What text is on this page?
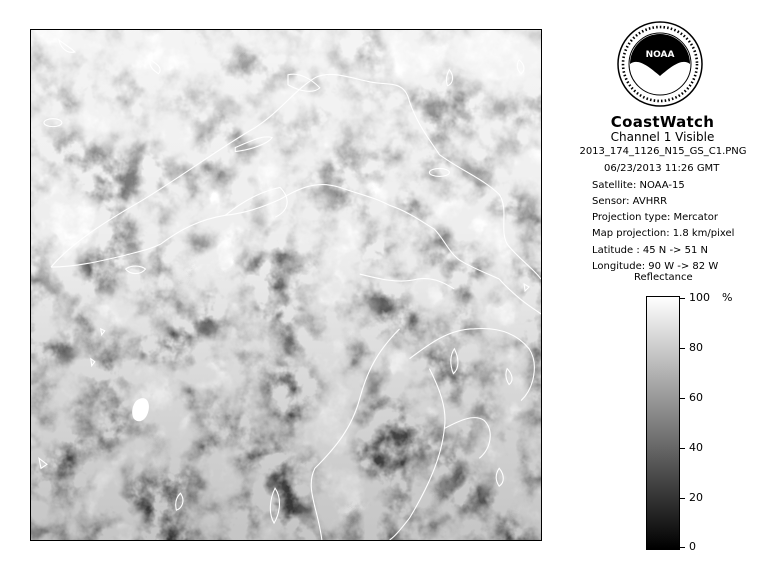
NOAA
CoastWatch
Channel 1 Visible
2013_174_1126_N15_GS_C1.PNG
06/23/2013 11:26 GMT
Satellite: NOAA-15
Sensor: AVHRR
Projection type: Mercator
Map projection: 1.8 km/pixel
Latitude : 45 N -> 51 N
Longitude: 90 W -> 82 W
Reflectance
%
100
80
60
40
20
0
